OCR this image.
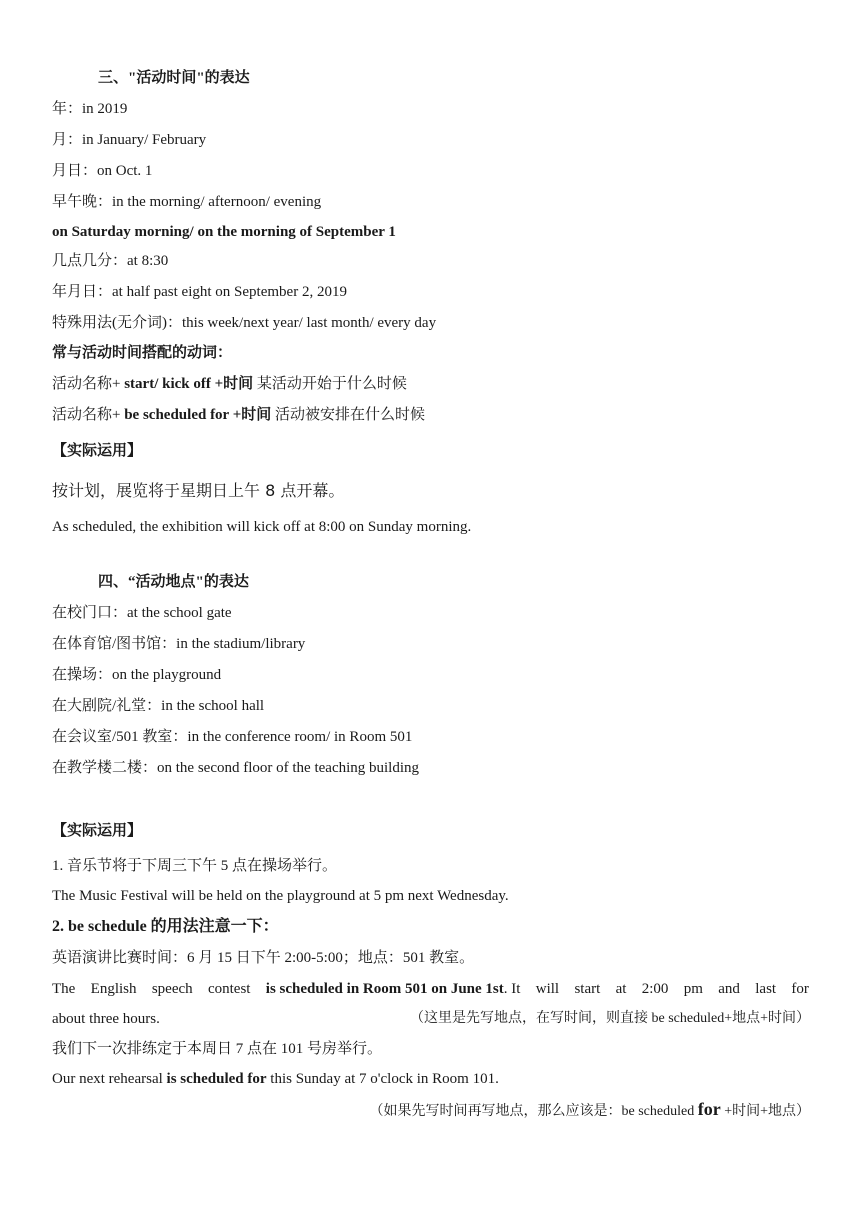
三、"活动时间"的表达
年：in 2019
月：in January/ February
月日：on Oct. 1
早午晚：in the morning/ afternoon/ evening
on Saturday morning/ on the morning of September 1
几点几分：at 8:30
年月日：at half past eight on September 2, 2019
特殊用法(无介词)：this week/next year/ last month/ every day
常与活动时间搭配的动词：
活动名称+ start/ kick off +时间 某活动开始于什么时候
活动名称+ be scheduled for +时间 活动被安排在什么时候
【实际运用】
按计划，展览将于星期日上午 8 点开幕。
As scheduled, the exhibition will kick off at 8:00 on Sunday morning.
四、“活动地点"的表达
在校门口：at the school gate
在体育馆/图书馆：in the stadium/library
在操场：on the playground
在大剧院/礼堂：in the school hall
在会议室/501 教室：in the conference room/ in Room 501
在教学楼二楼：on the second floor of the teaching building
【实际运用】
1. 音乐节将于下周三下午 5 点在操场举行。
The Music Festival will be held on the playground at 5 pm next Wednesday.
2. be schedule 的用法注意一下：
英语演讲比赛时间：6 月 15 日下午 2:00-5:00；地点：501 教室。
The English speech contest is scheduled in Room 501 on June 1st. It will start at 2:00 pm and last for
about three hours.	（这里是先写地点，在写时间，则直接 be scheduled+地点+时间）
我们下一次排练定于本周日 7 点在 101 号房举行。
Our next rehearsal is scheduled for this Sunday at 7 o'clock in Room 101.
（如果先写时间再写地点，那么应该是：be scheduled for +时间+地点）
